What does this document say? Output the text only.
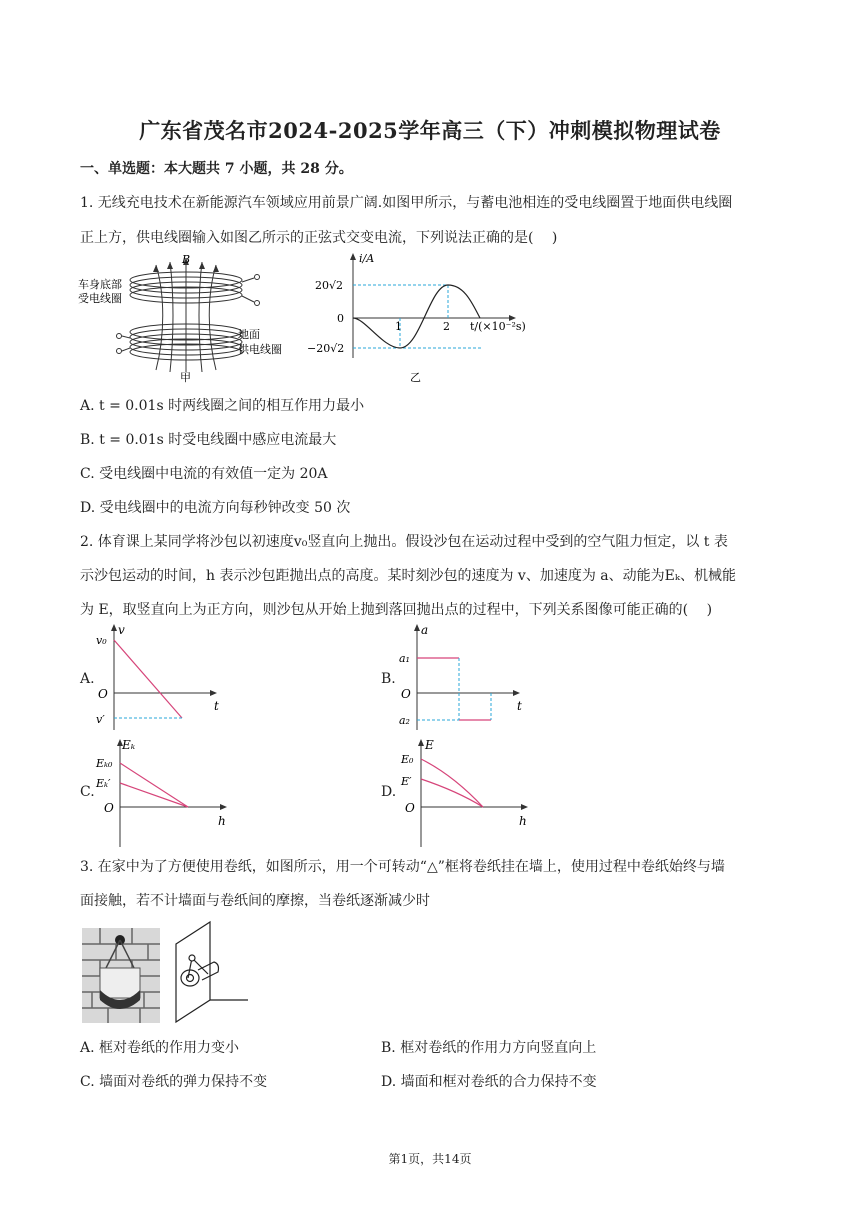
广东省茂名市2024-2025学年高三（下）冲刺模拟物理试卷
一、单选题：本大题共 7 小题，共 28 分。
1. 无线充电技术在新能源汽车领域应用前景广阔.如图甲所示，与蓄电池相连的受电线圈置于地面供电线圈
正上方，供电线圈输入如图乙所示的正弦式交变电流，下列说法正确的是(　 )
B
车身底部
受电线圈
地面
供电线圈
甲
i/A
20√2
0
−20√2
1	2 t/(×10⁻²s)
乙
A. t = 0.01s 时两线圈之间的相互作用力最小
B. t = 0.01s 时受电线圈中感应电流最大
C. 受电线圈中电流的有效值一定为 20A
D. 受电线圈中的电流方向每秒钟改变 50 次
2. 体育课上某同学将沙包以初速度v₀竖直向上抛出。假设沙包在运动过程中受到的空气阻力恒定，以 t 表
示沙包运动的时间，h 表示沙包距抛出点的高度。某时刻沙包的速度为 v、加速度为 a、动能为Eₖ、机械能
为 E，取竖直向上为正方向，则沙包从开始上抛到落回抛出点的过程中，下列关系图像可能正确的(　 )
A.
v
v₀
O
t
v′
B.
a
a₁
O
t
a₂
C.
Eₖ
Eₖ₀
Eₖ′
O
h
D.
E
E₀
E′
O
h
3. 在家中为了方便使用卷纸，如图所示，用一个可转动“△”框将卷纸挂在墙上，使用过程中卷纸始终与墙
面接触，若不计墙面与卷纸间的摩擦，当卷纸逐渐减少时
A. 框对卷纸的作用力变小	B. 框对卷纸的作用力方向竖直向上
C. 墙面对卷纸的弹力保持不变	D. 墙面和框对卷纸的合力保持不变
第1页，共14页
